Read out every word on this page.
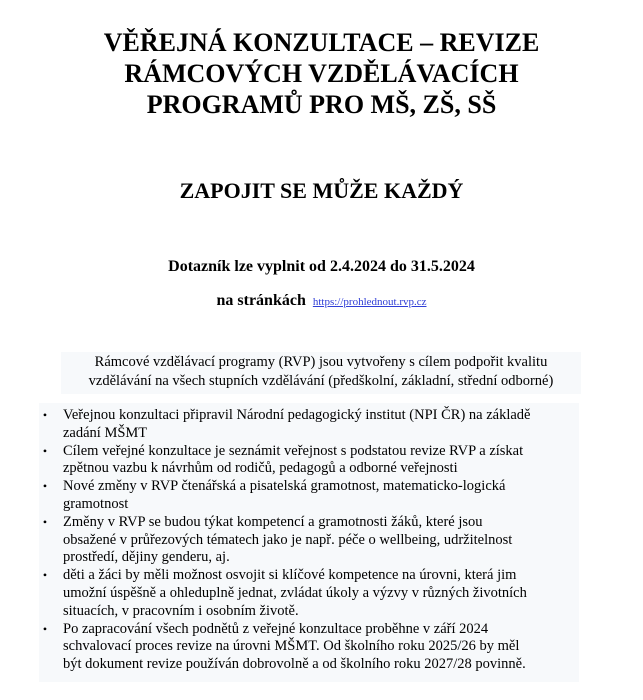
VĚŘEJNÁ KONZULTACE – REVIZE
RÁMCOVÝCH VZDĚLÁVACÍCH
PROGRAMŮ PRO MŠ, ZŠ, SŠ
ZAPOJIT SE MŮŽE KAŽDÝ

Dotazník lze vyplnit od 2.4.2024 do 31.5.2024

na stránkách https://prohlednout.rvp.cz

Rámcové vzdělávací programy (RVP) jsou vytvořeny s cílem podpořit kvalitu
vzdělávání na všech stupních vzdělávání (předškolní, základní, střední odborné)
• Veřejnou konzultaci připravil Národní pedagogický institut (NPI ČR) na základě
zadání MŠMT
• Cílem veřejné konzultace je seznámit veřejnost s podstatou revize RVP a získat
zpětnou vazbu k návrhům od rodičů, pedagogů a odborné veřejnosti
• Nové změny v RVP čtenářská a pisatelská gramotnost, matematicko-logická
gramotnost
• Změny v RVP se budou týkat kompetencí a gramotnosti žáků, které jsou
obsažené v průřezových tématech jako je např. péče o wellbeing, udržitelnost
prostředí, dějiny genderu, aj.
• děti a žáci by měli možnost osvojit si klíčové kompetence na úrovni, která jim
umožní úspěšně a ohleduplně jednat, zvládat úkoly a výzvy v různých životních
situacích, v pracovním i osobním životě.
• Po zapracování všech podnětů z veřejné konzultace proběhne v září 2024
schvalovací proces revize na úrovni MŠMT. Od školního roku 2025/26 by měl
být dokument revize používán dobrovolně a od školního roku 2027/28 povinně.
